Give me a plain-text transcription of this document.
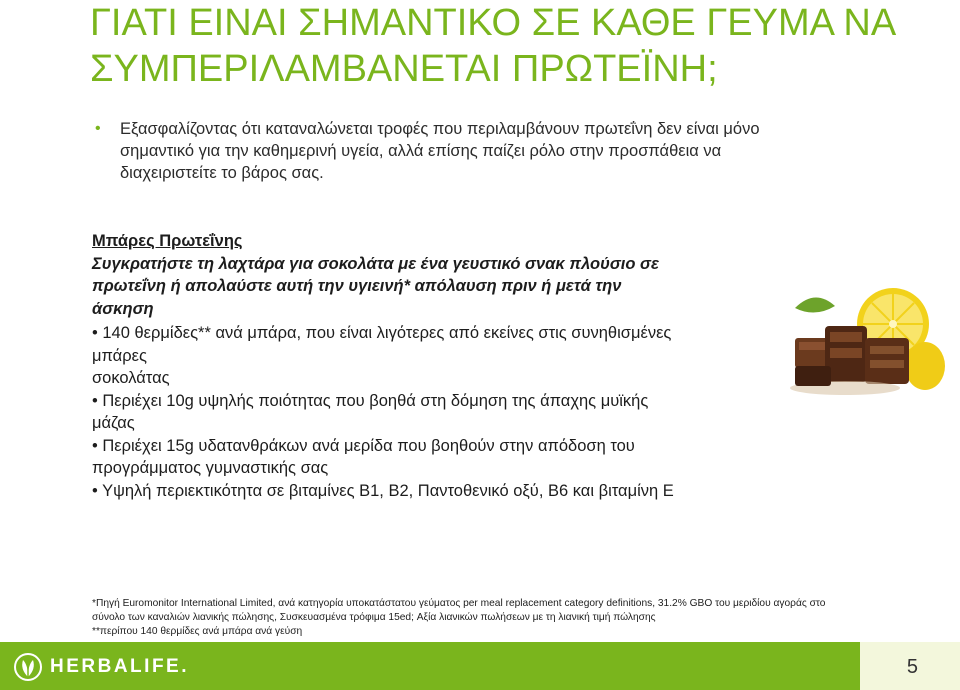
ΓΙΑΤΙ ΕΙΝΑΙ ΣΗΜΑΝΤΙΚΟ ΣΕ ΚΑΘΕ ΓΕΥΜΑ ΝΑ
ΣΥΜΠΕΡΙΛΑΜΒΑΝΕΤΑΙ ΠΡΩΤΕΪΝΗ;
• Εξασφαλίζοντας ότι καταναλώνεται τροφές που περιλαμβάνουν πρωτεΐνη δεν είναι μόνο
σημαντικό για την καθημερινή υγεία, αλλά επίσης παίζει ρόλο στην προσπάθεια να
διαχειριστείτε το βάρος σας.
Μπάρες Πρωτεΐνης
Συγκρατήστε τη λαχτάρα για σοκολάτα με ένα γευστικό σνακ πλούσιο σε
πρωτεΐνη ή απολαύστε αυτή την υγιεινή* απόλαυση πριν ή μετά την
άσκηση
• 140 θερμίδες** ανά μπάρα, που είναι λιγότερες από εκείνες στις συνηθισμένες
μπάρες
σοκολάτας
• Περιέχει 10g υψηλής ποιότητας που βοηθά στη δόμηση της άπαχης μυϊκής
μάζας
• Περιέχει 15g υδατανθράκων ανά μερίδα που βοηθούν στην απόδοση του
προγράμματος γυμναστικής σας
• Υψηλή περιεκτικότητα σε βιταμίνες Β1, Β2, Παντοθενικό οξύ, Β6 και βιταμίνη Ε
*Πηγή Euromonitor International Limited, ανά κατηγορία υποκατάστατου γεύματος per meal replacement category definitions, 31.2% GBO του μεριδίου αγοράς στο
σύνολο των καναλιών λιανικής πώλησης, Συσκευασμένα τρόφιμα 15ed; Αξία λιανικών πωλήσεων με τη λιανική τιμή πώλησης
**περίπου 140 θερμίδες ανά μπάρα ανά γεύση
HERBALIFE.	5
